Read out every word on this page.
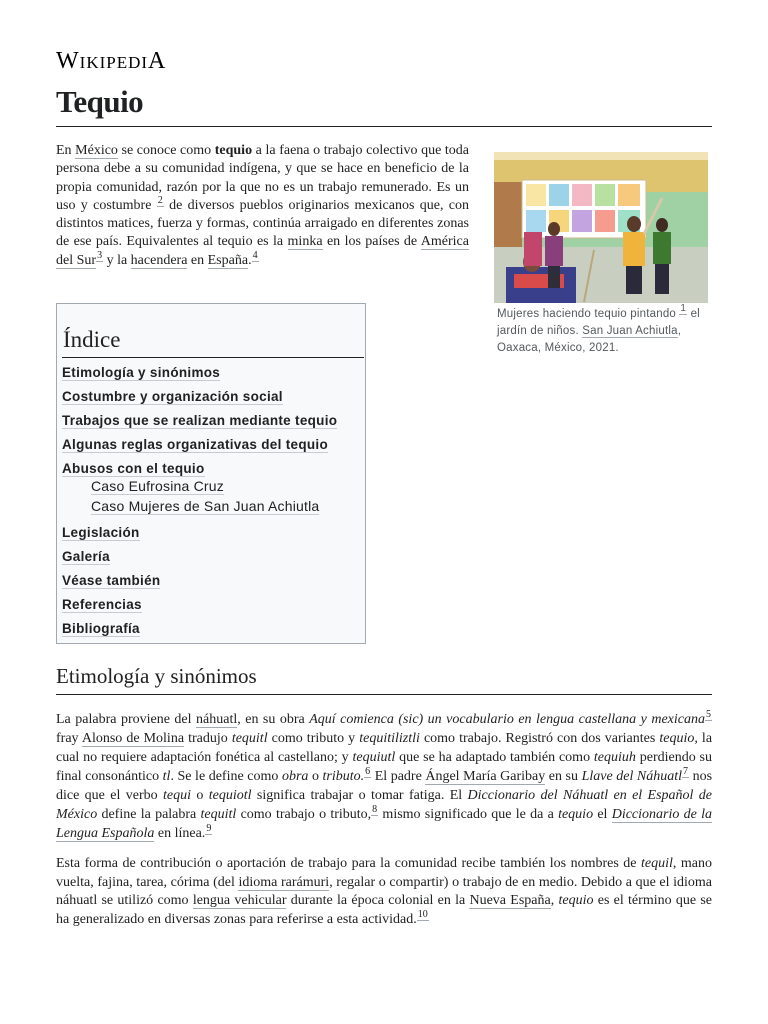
WIKIPEDIA
Tequio

En México se conoce como tequio a la faena o trabajo colectivo que toda persona debe a su comunidad indígena, y que se hace en beneficio de la propia comunidad, razón por la que no es un trabajo remunerado. Es un uso y costumbre $^2$ de diversos pueblos originarios mexicanos que, con distintos matices, fuerza y formas, continúa arraigado en diferentes zonas de ese país. Equivalentes al tequio es la minka en los países de América del Sur$^3$ y la hacendera en España.$^4$

Mujeres haciendo tequio pintando $^1$ el jardín de niños. San Juan Achiutla, Oaxaca, México, 2021.
Índice
Etimología y sinónimos
Costumbre y organización social
Trabajos que se realizan mediante tequio
Algunas reglas organizativas del tequio
Abusos con el tequio
Caso Eufrosina Cruz
Caso Mujeres de San Juan Achiutla
Legislación
Galería
Véase también
Referencias
Bibliografía
Etimología y sinónimos

La palabra proviene del náhuatl, en su obra Aquí comienca (sic) un vocabulario en lengua castellana y mexicana$^5$ fray Alonso de Molina tradujo tequitl como tributo y tequitiliztli como trabajo. Registró con dos variantes tequio, la cual no requiere adaptación fonética al castellano; y tequiutl que se ha adaptado también como tequiuh perdiendo su final consonántico tl. Se le define como obra o tributo.$^6$ El padre Ángel María Garibay en su Llave del Náhuatl$^7$ nos dice que el verbo tequi o tequiotl significa trabajar o tomar fatiga. El Diccionario del Náhuatl en el Español de México define la palabra tequitl como trabajo o tributo,$^8$ mismo significado que le da a tequio el Diccionario de la Lengua Española en línea.$^9$

Esta forma de contribución o aportación de trabajo para la comunidad recibe también los nombres de tequil, mano vuelta, fajina, tarea, córima (del idioma rarámuri, regalar o compartir) o trabajo de en medio. Debido a que el idioma náhuatl se utilizó como lengua vehicular durante la época colonial en la Nueva España, tequio es el término que se ha generalizado en diversas zonas para referirse a esta actividad.$^{10}$
